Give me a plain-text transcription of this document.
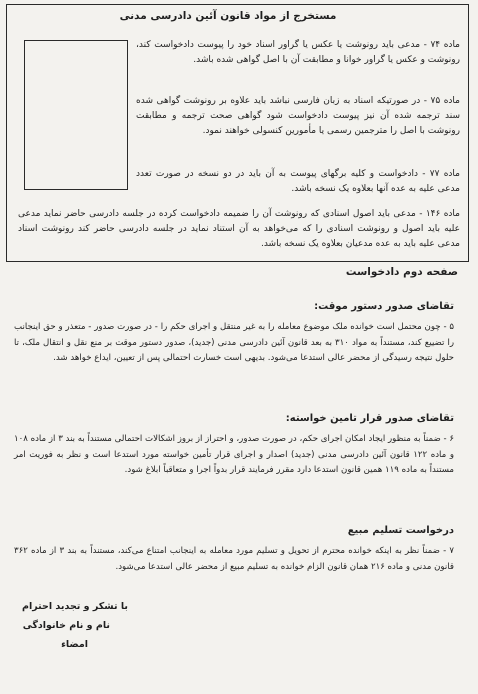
مستخرج از مواد قانون آئین دادرسی مدنی
ماده ۷۴ - مدعی باید رونوشت یا عکس یا گراور اسناد خود را پیوست دادخواست کند، رونوشت و عکس یا گراور خوانا و مطابقت آن با اصل گواهی شده باشد.
ماده ۷۵ - در صورتیکه اسناد به زبان فارسی نباشد باید علاوه بر رونوشت گواهی شده سند ترجمه شده آن نیز پیوست دادخواست شود گواهی صحت ترجمه و مطابقت رونوشت با اصل را مترجمین رسمی یا مأمورین کنسولی خواهند نمود.
ماده ۷۷ - دادخواست و کلیه برگهای پیوست به آن باید در دو نسخه در صورت تعدد مدعی علیه به عده آنها بعلاوه یک نسخه باشد.
ماده ۱۴۶ - مدعی باید اصول اسنادی که رونوشت آن را ضمیمه دادخواست کرده در جلسه دادرسی حاضر نماید مدعی علیه باید اصول و رونوشت اسنادی را که می‌خواهد به آن استناد نماید در جلسه دادرسی حاضر کند رونوشت اسناد مدعی علیه باید به عده مدعیان بعلاوه یک نسخه باشد.
صفحه دوم دادخواست
تقاضای صدور دستور موقت:
۵ - چون محتمل است خوانده ملک موضوع معامله را به غیر منتقل و اجرای حکم را - در صورت صدور - متعذر و حق اینجانب را تضییع کند، مستنداً به مواد ۳۱۰ به بعد قانون آئین دادرسی مدنی (جدید)، صدور دستور موقت بر منع نقل و انتقال ملک، تا حلول نتیجه رسیدگی از محضر عالی استدعا می‌شود. بدیهی است خسارت احتمالی پس از تعیین، ایداع خواهد شد.
تقاضای صدور قرار تامین خواسته:
۶ - ضمناً به منظور ایجاد امکان اجرای حکم، در صورت صدور، و احتراز از بروز اشکالات احتمالی مستنداً به بند ۳ از ماده ۱۰۸ و ماده ۱۲۲ قانون آئین دادرسی مدنی (جدید) اصدار و اجرای قرار تأمین خواسته مورد استدعا است و نظر به فوریت امر مستنداً به ماده ۱۱۹ همین قانون استدعا دارد مقرر فرمایند قرار بدواً اجرا و متعاقباً ابلاغ شود.
درخواست تسلیم مبیع
۷ - ضمناً نظر به اینکه خوانده محترم از تحویل و تسلیم مورد معامله به اینجانب امتناع می‌کند، مستنداً به بند ۳ از ماده ۳۶۲ قانون مدنی و ماده ۲۱۶ همان قانون الزام خوانده به تسلیم مبیع از محضر عالی استدعا می‌شود.
با تشکر و تجدید احترام
نام و نام خانوادگی
امضاء
